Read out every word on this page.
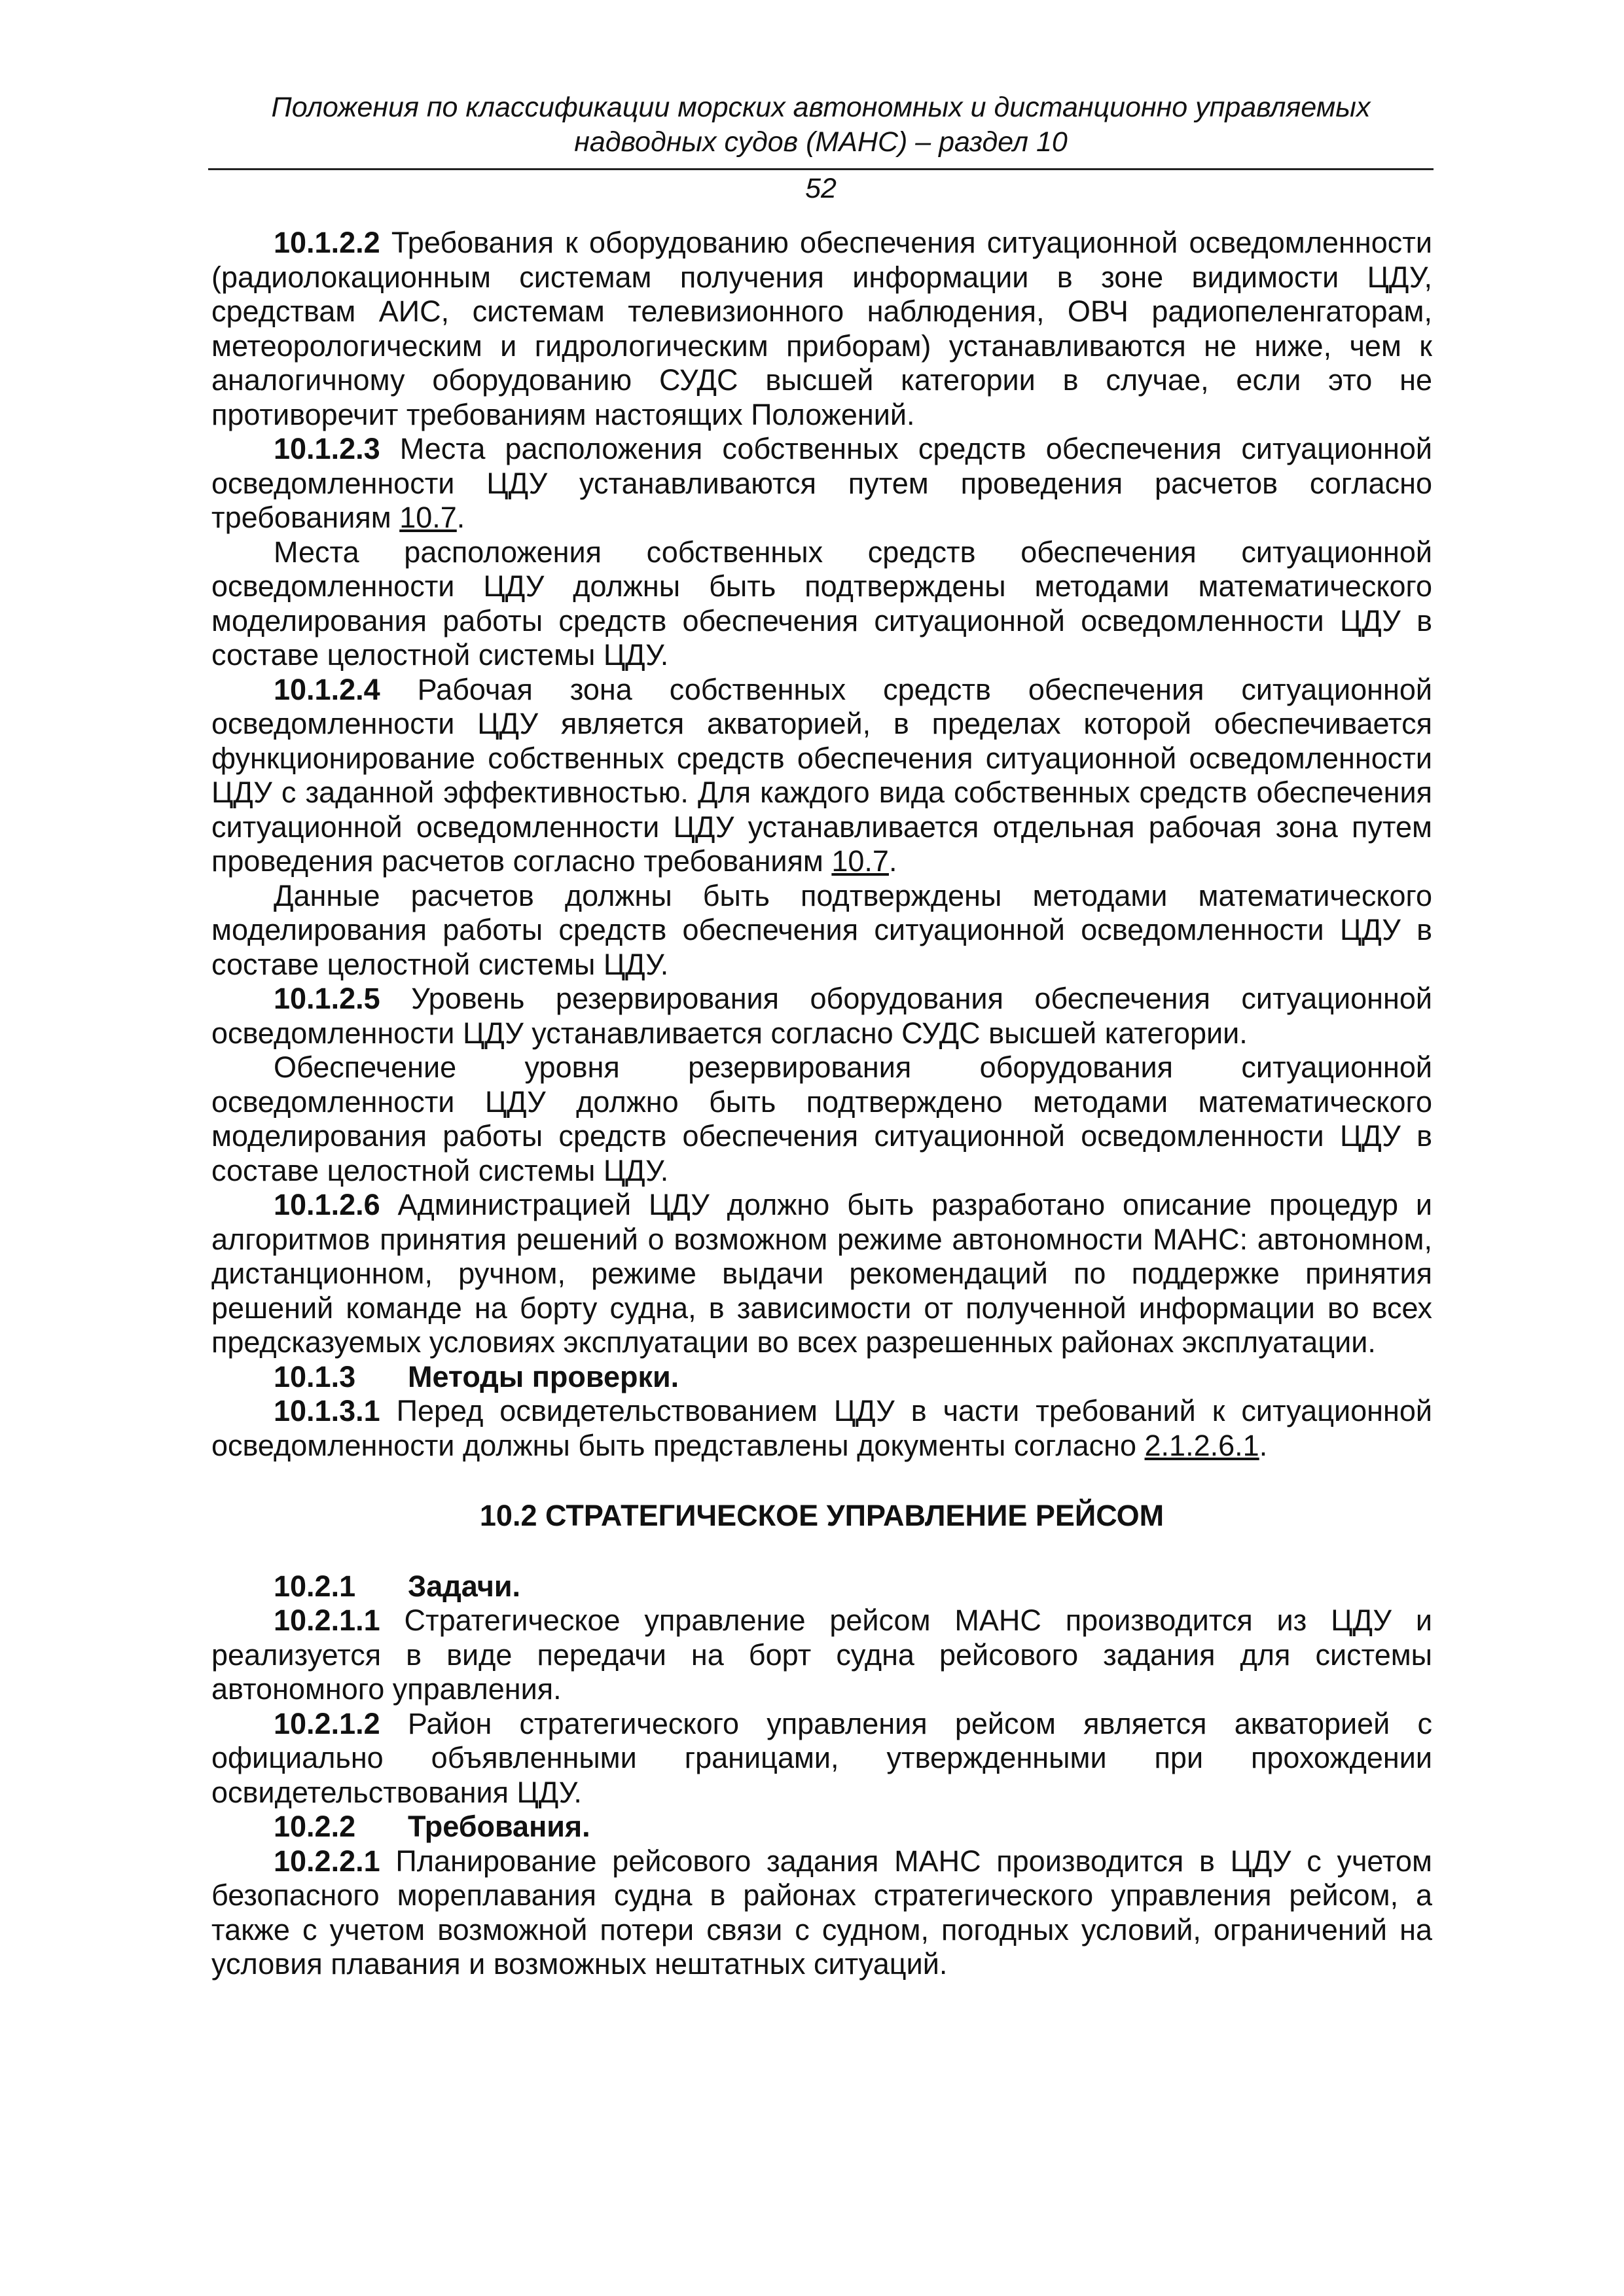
Положения по классификации морских автономных и дистанционно управляемых
надводных судов (МАНС) – раздел 10
52

10.1.2.2 Требования к оборудованию обеспечения ситуационной осведомленности (радиолокационным системам получения информации в зоне видимости ЦДУ, средствам АИС, системам телевизионного наблюдения, ОВЧ радиопеленгаторам, метеорологическим и гидрологическим приборам) устанавливаются не ниже, чем к аналогичному оборудованию СУДС высшей категории в случае, если это не противоречит требованиям настоящих Положений.

10.1.2.3 Места расположения собственных средств обеспечения ситуационной осведомленности ЦДУ устанавливаются путем проведения расчетов согласно требованиям 10.7.

Места расположения собственных средств обеспечения ситуационной осведомленности ЦДУ должны быть подтверждены методами математического моделирования работы средств обеспечения ситуационной осведомленности ЦДУ в составе целостной системы ЦДУ.

10.1.2.4 Рабочая зона собственных средств обеспечения ситуационной осведомленности ЦДУ является акваторией, в пределах которой обеспечивается функционирование собственных средств обеспечения ситуационной осведомленности ЦДУ с заданной эффективностью. Для каждого вида собственных средств обеспечения ситуационной осведомленности ЦДУ устанавливается отдельная рабочая зона путем проведения расчетов согласно требованиям 10.7.

Данные расчетов должны быть подтверждены методами математического моделирования работы средств обеспечения ситуационной осведомленности ЦДУ в составе целостной системы ЦДУ.

10.1.2.5 Уровень резервирования оборудования обеспечения ситуационной осведомленности ЦДУ устанавливается согласно СУДС высшей категории.

Обеспечение уровня резервирования оборудования ситуационной осведомленности ЦДУ должно быть подтверждено методами математического моделирования работы средств обеспечения ситуационной осведомленности ЦДУ в составе целостной системы ЦДУ.

10.1.2.6 Администрацией ЦДУ должно быть разработано описание процедур и алгоритмов принятия решений о возможном режиме автономности МАНС: автономном, дистанционном, ручном, режиме выдачи рекомендаций по поддержке принятия решений команде на борту судна, в зависимости от полученной информации во всех предсказуемых условиях эксплуатации во всех разрешенных районах эксплуатации.

10.1.3 Методы проверки.

10.1.3.1 Перед освидетельствованием ЦДУ в части требований к ситуационной осведомленности должны быть представлены документы согласно 2.1.2.6.1.

10.2 СТРАТЕГИЧЕСКОЕ УПРАВЛЕНИЕ РЕЙСОМ

10.2.1 Задачи.

10.2.1.1 Стратегическое управление рейсом МАНС производится из ЦДУ и реализуется в виде передачи на борт судна рейсового задания для системы автономного управления.

10.2.1.2 Район стратегического управления рейсом является акваторией с официально объявленными границами, утвержденными при прохождении освидетельствования ЦДУ.

10.2.2 Требования.

10.2.2.1 Планирование рейсового задания МАНС производится в ЦДУ с учетом безопасного мореплавания судна в районах стратегического управления рейсом, а также с учетом возможной потери связи с судном, погодных условий, ограничений на условия плавания и возможных нештатных ситуаций.
